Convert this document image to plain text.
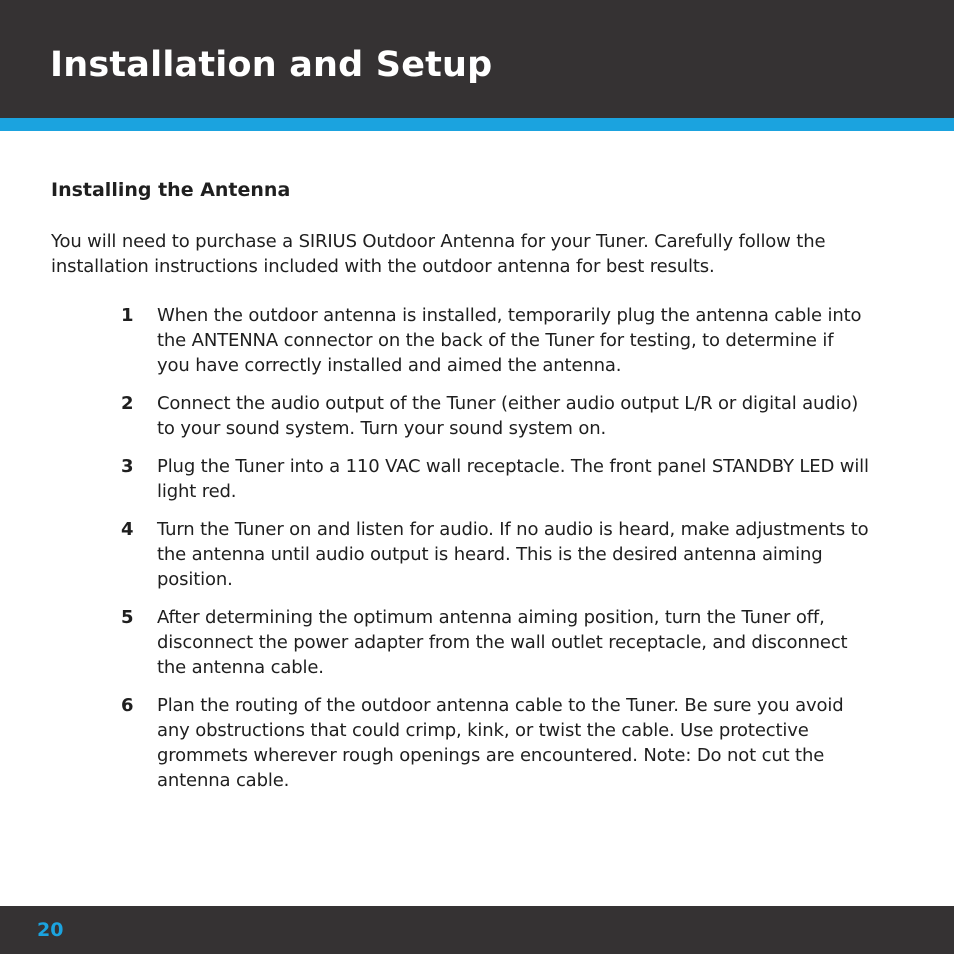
Installation and Setup
Installing the Antenna

You will need to purchase a SIRIUS Outdoor Antenna for your Tuner. Carefully follow the installation instructions included with the outdoor antenna for best results.

1 When the outdoor antenna is installed, temporarily plug the antenna cable into the ANTENNA connector on the back of the Tuner for testing, to determine if you have correctly installed and aimed the antenna.
2 Connect the audio output of the Tuner (either audio output L/R or digital audio) to your sound system. Turn your sound system on.
3 Plug the Tuner into a 110 VAC wall receptacle. The front panel STANDBY LED will light red.
4 Turn the Tuner on and listen for audio. If no audio is heard, make adjustments to the antenna until audio output is heard. This is the desired antenna aiming position.
5 After determining the optimum antenna aiming position, turn the Tuner off, disconnect the power adapter from the wall outlet receptacle, and disconnect the antenna cable.
6 Plan the routing of the outdoor antenna cable to the Tuner. Be sure you avoid any obstructions that could crimp, kink, or twist the cable. Use protective grommets wherever rough openings are encountered. Note: Do not cut the antenna cable.
20
